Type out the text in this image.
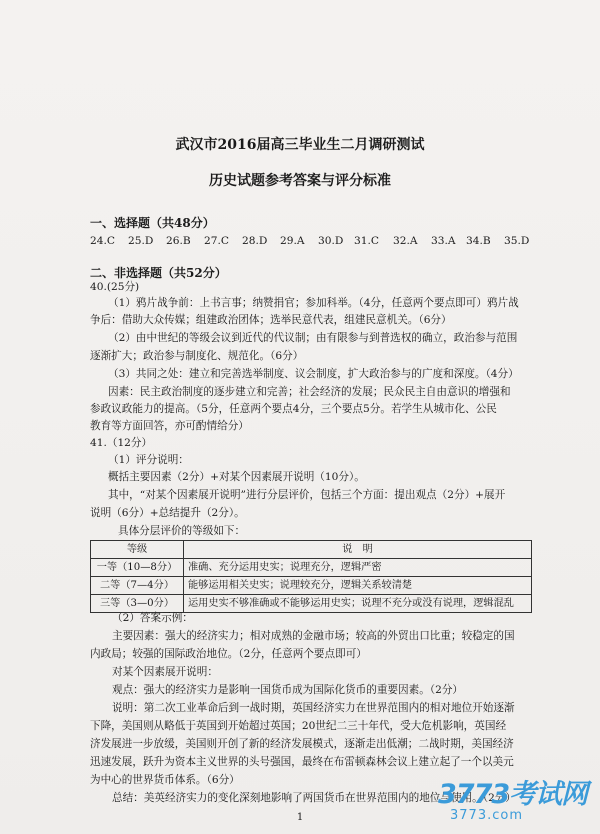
武汉市2016届高三毕业生二月调研测试
历史试题参考答案与评分标准
一、选择题（共48分）
24.C 25.D 26.B 27.C 28.D 29.A 30.D 31.C 32.A 33.A 34.B 35.D
二、非选择题（共52分）
40.(25分)
（1）鸦片战争前：上书言事；纳赞捐官；参加科举。（4分，任意两个要点即可）鸦片战
争后：借助大众传媒；组建政治团体；选举民意代表，组建民意机关。（6分）
（2）由中世纪的等级会议到近代的代议制；由有限参与到普选权的确立，政治参与范围
逐渐扩大；政治参与制度化、规范化。（6分）
（3）共同之处：建立和完善选举制度、议会制度，扩大政治参与的广度和深度。（4分）
因素：民主政治制度的逐步建立和完善；社会经济的发展；民众民主自由意识的增强和
参政议政能力的提高。（5分，任意两个要点4分，三个要点5分。若学生从城市化、公民
教育等方面回答，亦可酌情给分）
41.（12分）
（1）评分说明：
概括主要因素（2分）+对某个因素展开说明（10分）。
其中，“对某个因素展开说明”进行分层评价，包括三个方面：提出观点（2分）+展开
说明（6分）+总结提升（2分）。
具体分层评价的等级如下：
等级	说　明
一等（10—8分）	准确、充分运用史实；说理充分，逻辑严密
二等（7—4分）	能够运用相关史实；说理较充分，逻辑关系较清楚
三等（3—0分）	运用史实不够准确或不能够运用史实；说理不充分或没有说理，逻辑混乱
（2）答案示例：
主要因素：强大的经济实力；相对成熟的金融市场；较高的外贸出口比重；较稳定的国
内政局；较强的国际政治地位。（2分，任意两个要点即可）
对某个因素展开说明：
观点：强大的经济实力是影响一国货币成为国际化货币的重要因素。（2分）
说明：第二次工业革命后到一战时期，英国经济实力在世界范围内的相对地位开始逐渐
下降，美国则从略低于英国到开始超过英国；20世纪二三十年代，受大危机影响，英国经
济发展进一步放缓，美国则开创了新的经济发展模式，逐渐走出低潮；二战时期，美国经济
迅速发展，跃升为资本主义世界的头号强国，最终在布雷顿森林会议上建立起了一个以美元
为中心的世界货币体系。（6分）
总结：美英经济实力的变化深刻地影响了两国货币在世界范围内的地位与使用。（2分）
1
3773考试网
3773.com
